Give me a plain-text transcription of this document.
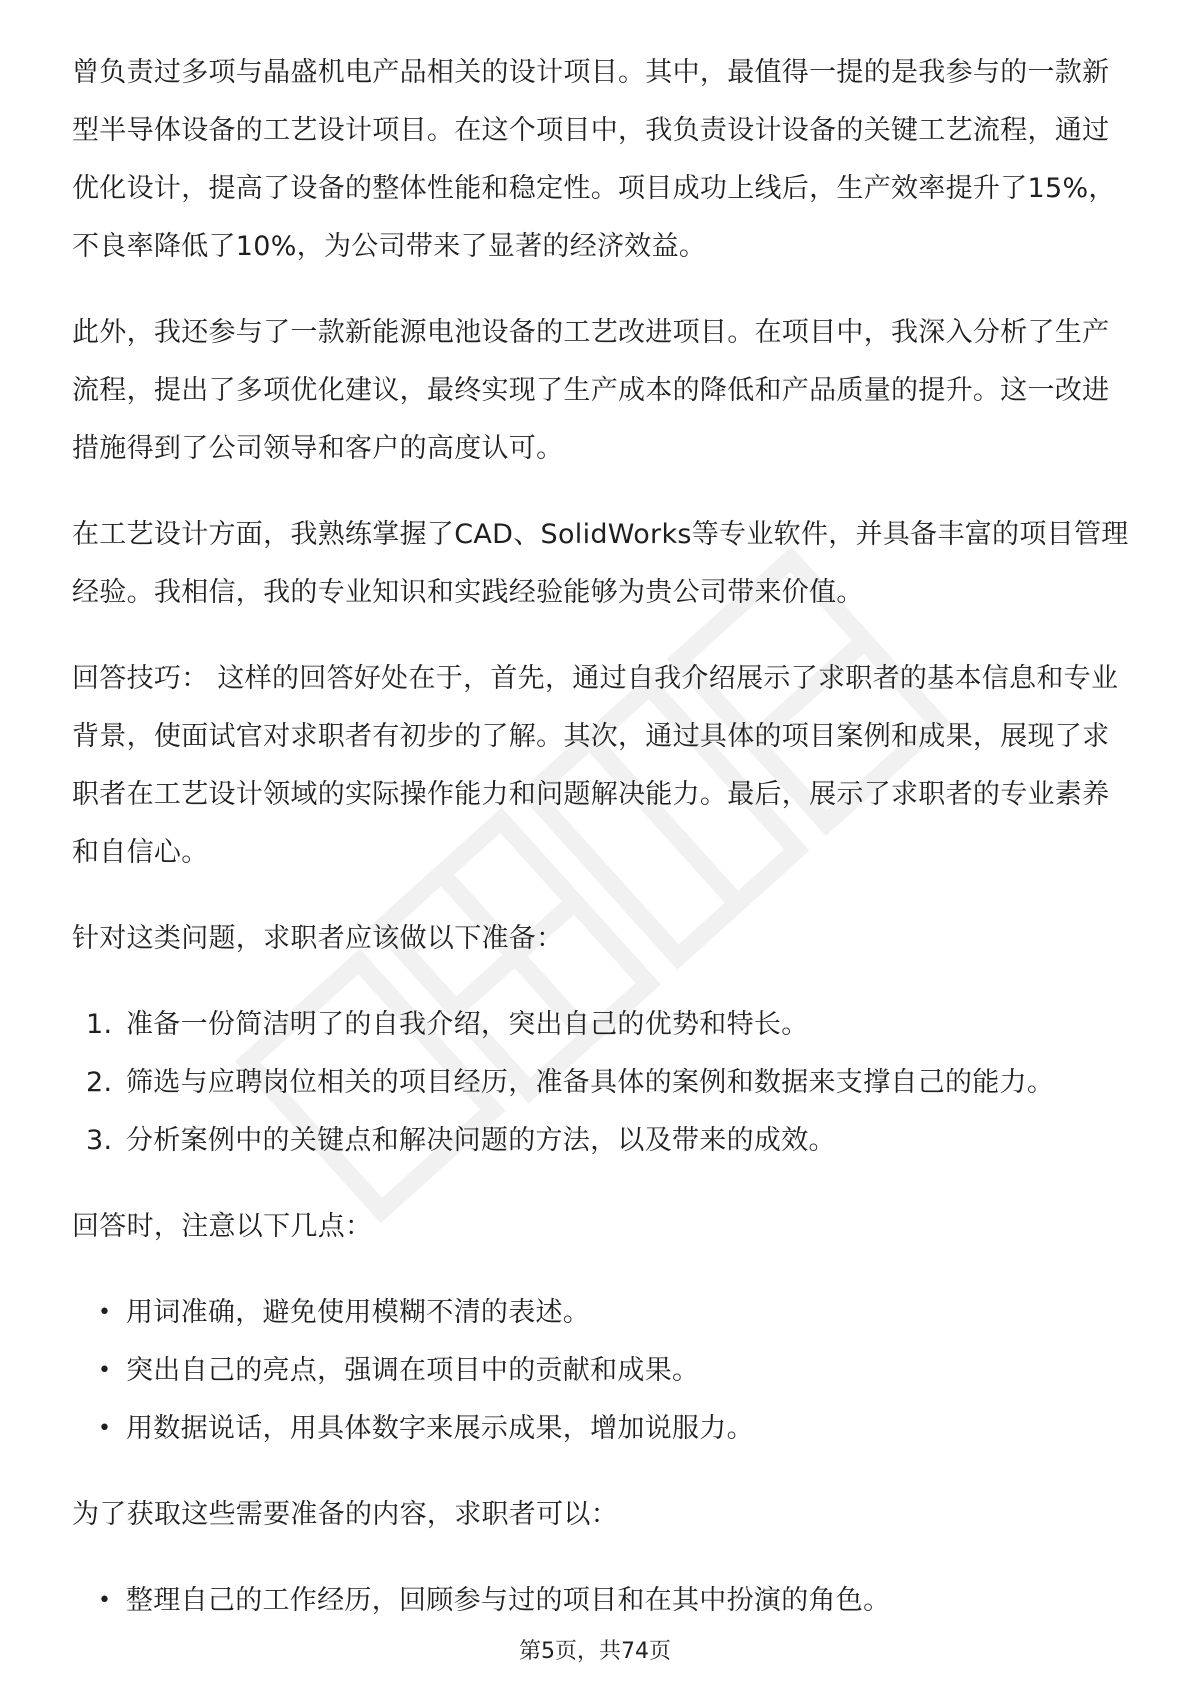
曾负责过多项与晶盛机电产品相关的设计项目。其中，最值得一提的是我参与的一款新型半导体设备的工艺设计项目。在这个项目中，我负责设计设备的关键工艺流程，通过优化设计，提高了设备的整体性能和稳定性。项目成功上线后，生产效率提升了15%，不良率降低了10%，为公司带来了显著的经济效益。

此外，我还参与了一款新能源电池设备的工艺改进项目。在项目中，我深入分析了生产流程，提出了多项优化建议，最终实现了生产成本的降低和产品质量的提升。这一改进措施得到了公司领导和客户的高度认可。

在工艺设计方面，我熟练掌握了CAD、SolidWorks等专业软件，并具备丰富的项目管理经验。我相信，我的专业知识和实践经验能够为贵公司带来价值。

回答技巧： 这样的回答好处在于，首先，通过自我介绍展示了求职者的基本信息和专业背景，使面试官对求职者有初步的了解。其次，通过具体的项目案例和成果，展现了求职者在工艺设计领域的实际操作能力和问题解决能力。最后，展示了求职者的专业素养和自信心。

针对这类问题，求职者应该做以下准备：

1. 准备一份简洁明了的自我介绍，突出自己的优势和特长。
2. 筛选与应聘岗位相关的项目经历，准备具体的案例和数据来支撑自己的能力。
3. 分析案例中的关键点和解决问题的方法，以及带来的成效。

回答时，注意以下几点：

• 用词准确，避免使用模糊不清的表述。
• 突出自己的亮点，强调在项目中的贡献和成果。
• 用数据说话，用具体数字来展示成果，增加说服力。

为了获取这些需要准备的内容，求职者可以：

• 整理自己的工作经历，回顾参与过的项目和在其中扮演的角色。
第5页，共74页
